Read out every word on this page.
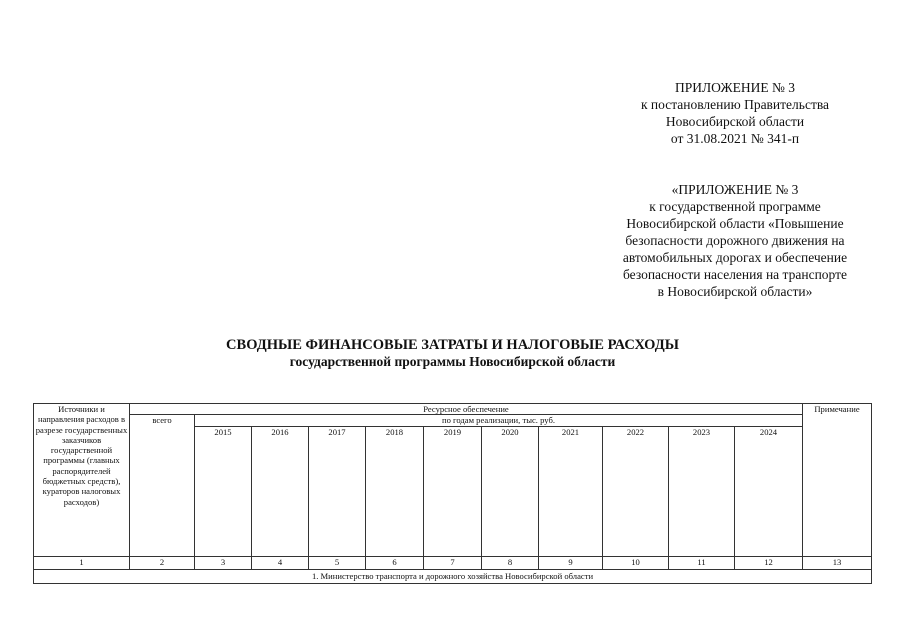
ПРИЛОЖЕНИЕ № 3
к постановлению Правительства
Новосибирской области
от 31.08.2021 № 341-п
«ПРИЛОЖЕНИЕ № 3
к государственной программе
Новосибирской области «Повышение
безопасности дорожного движения на
автомобильных дорогах и обеспечение
безопасности населения на транспорте
в Новосибирской области»
СВОДНЫЕ ФИНАНСОВЫЕ ЗАТРАТЫ И НАЛОГОВЫЕ РАСХОДЫ
государственной программы Новосибирской области
Источники и направления расходов в разрезе государственных заказчиков государственной программы (главных распорядителей бюджетных средств), кураторов налоговых расходов)	Ресурсное обеспечение											Примечание
	всего	по годам реализации, тыс. руб.										
		2015	2016	2017	2018	2019	2020	2021	2022	2023	2024	
1	2	3	4	5	6	7	8	9	10	11	12	13
1. Министерство транспорта и дорожного хозяйства Новосибирской области												
